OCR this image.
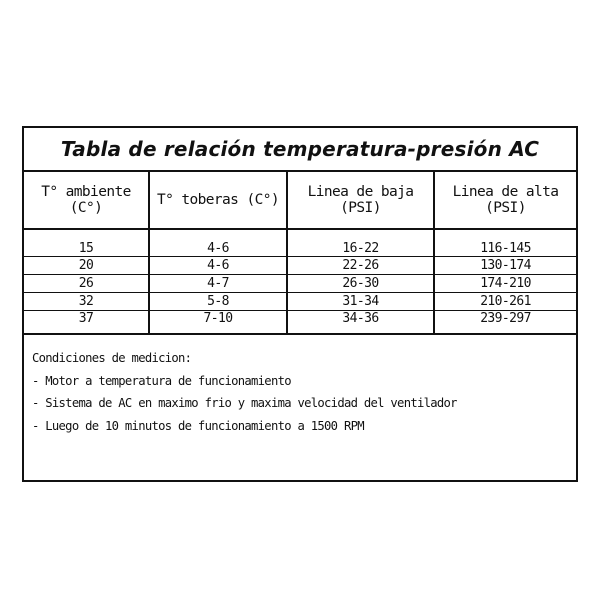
Tabla de relación temperatura-presión AC
T° ambiente (C°)	T° toberas (C°)	Linea de baja (PSI)	Linea de alta (PSI)
15	4-6	16-22	116-145
20	4-6	22-26	130-174
26	4-7	26-30	174-210
32	5-8	31-34	210-261
37	7-10	34-36	239-297
Condiciones de medicion:
- Motor a temperatura de funcionamiento
- Sistema de AC en maximo frio y maxima velocidad del ventilador
- Luego de 10 minutos de funcionamiento a 1500 RPM
